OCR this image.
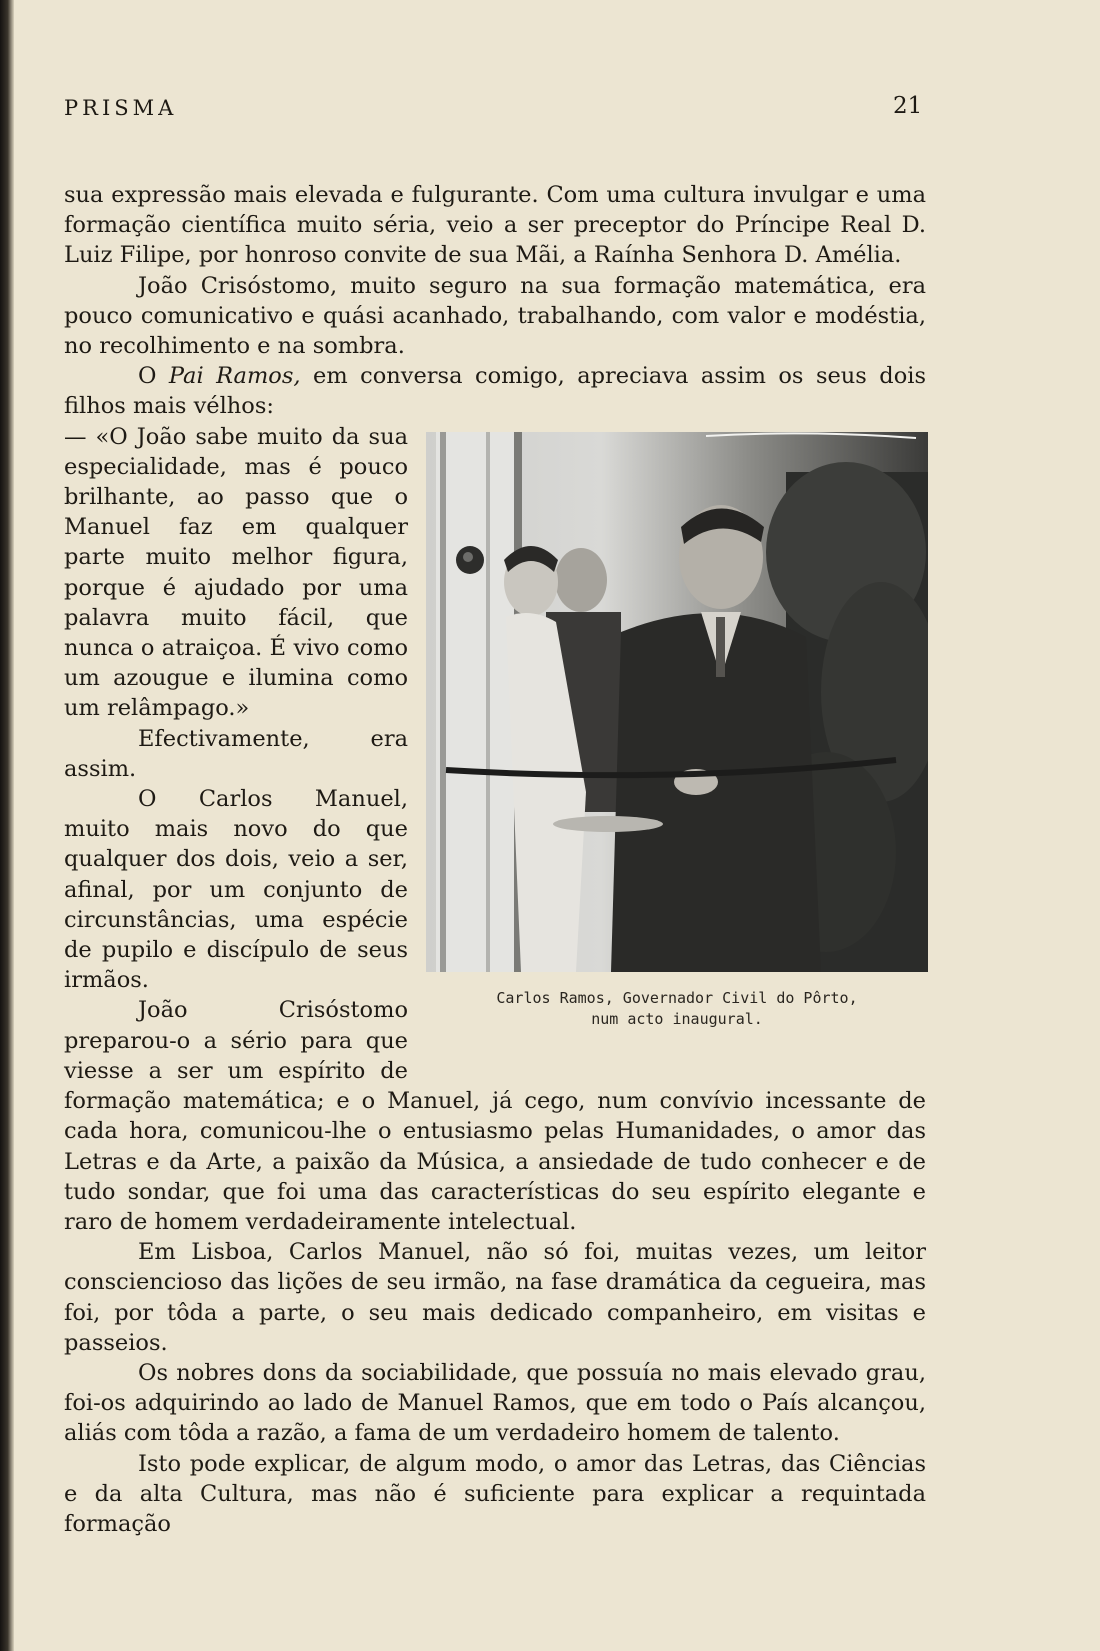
PRISMA	21

sua expressão mais elevada e fulgurante. Com uma cultura invulgar e uma formação científica muito séria, veio a ser preceptor do Príncipe Real D. Luiz Filipe, por honroso convite de sua Mãi, a Raínha Senhora D. Amélia.

João Crisóstomo, muito seguro na sua formação matemática, era pouco comunicativo e quási acanhado, trabalhando, com valor e modéstia, no recolhimento e na sombra.

O Pai Ramos, em conversa comigo, apreciava assim os seus dois filhos mais vélhos:

Carlos Ramos, Governador Civil do Pôrto,
num acto inaugural.

— «O João sabe muito da sua especialidade, mas é pouco brilhante, ao passo que o Manuel faz em qualquer parte muito melhor figura, porque é ajudado por uma palavra muito fácil, que nunca o atraiçoa. É vivo como um azougue e ilumina como um relâmpago.»

Efectivamente, era assim.

O Carlos Manuel, muito mais novo do que qualquer dos dois, veio a ser, afinal, por um conjunto de circunstâncias, uma espécie de pupilo e discípulo de seus irmãos.

João Crisóstomo preparou-o a sério para que viesse a ser um espírito de formação matemática; e o Manuel, já cego, num convívio incessante de cada hora, comunicou-lhe o entusiasmo pelas Humanidades, o amor das Letras e da Arte, a paixão da Música, a ansiedade de tudo conhecer e de tudo sondar, que foi uma das características do seu espírito elegante e raro de homem verdadeiramente intelectual.

Em Lisboa, Carlos Manuel, não só foi, muitas vezes, um leitor consciencioso das lições de seu irmão, na fase dramática da cegueira, mas foi, por tôda a parte, o seu mais dedicado companheiro, em visitas e passeios.

Os nobres dons da sociabilidade, que possuía no mais elevado grau, foi-os adquirindo ao lado de Manuel Ramos, que em todo o País alcançou, aliás com tôda a razão, a fama de um verdadeiro homem de talento.

Isto pode explicar, de algum modo, o amor das Letras, das Ciências e da alta Cultura, mas não é suficiente para explicar a requintada formação
